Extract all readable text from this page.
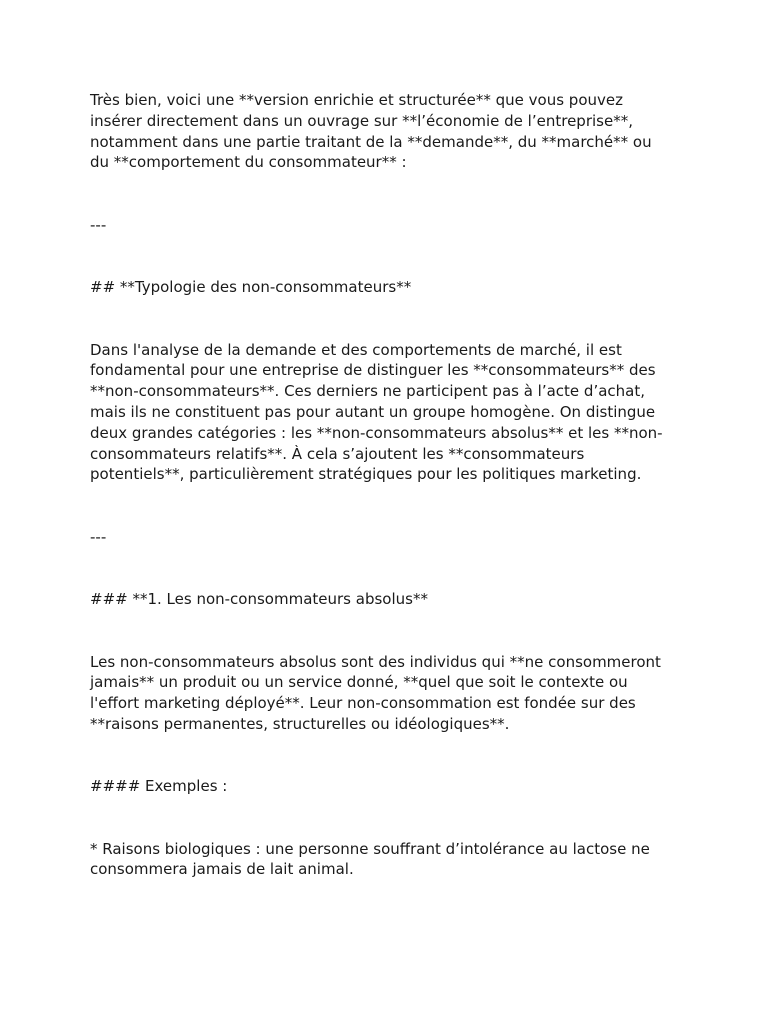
Très bien, voici une **version enrichie et structurée** que vous pouvez
insérer directement dans un ouvrage sur **l’économie de l’entreprise**,
notamment dans une partie traitant de la **demande**, du **marché** ou
du **comportement du consommateur** :
---
## **Typologie des non-consommateurs**
Dans l'analyse de la demande et des comportements de marché, il est
fondamental pour une entreprise de distinguer les **consommateurs** des
**non-consommateurs**. Ces derniers ne participent pas à l’acte d’achat,
mais ils ne constituent pas pour autant un groupe homogène. On distingue
deux grandes catégories : les **non-consommateurs absolus** et les **non-
consommateurs relatifs**. À cela s’ajoutent les **consommateurs
potentiels**, particulièrement stratégiques pour les politiques marketing.
---
### **1. Les non-consommateurs absolus**
Les non-consommateurs absolus sont des individus qui **ne consommeront
jamais** un produit ou un service donné, **quel que soit le contexte ou
l'effort marketing déployé**. Leur non-consommation est fondée sur des
**raisons permanentes, structurelles ou idéologiques**.
#### Exemples :
* Raisons biologiques : une personne souffrant d’intolérance au lactose ne
consommera jamais de lait animal.
